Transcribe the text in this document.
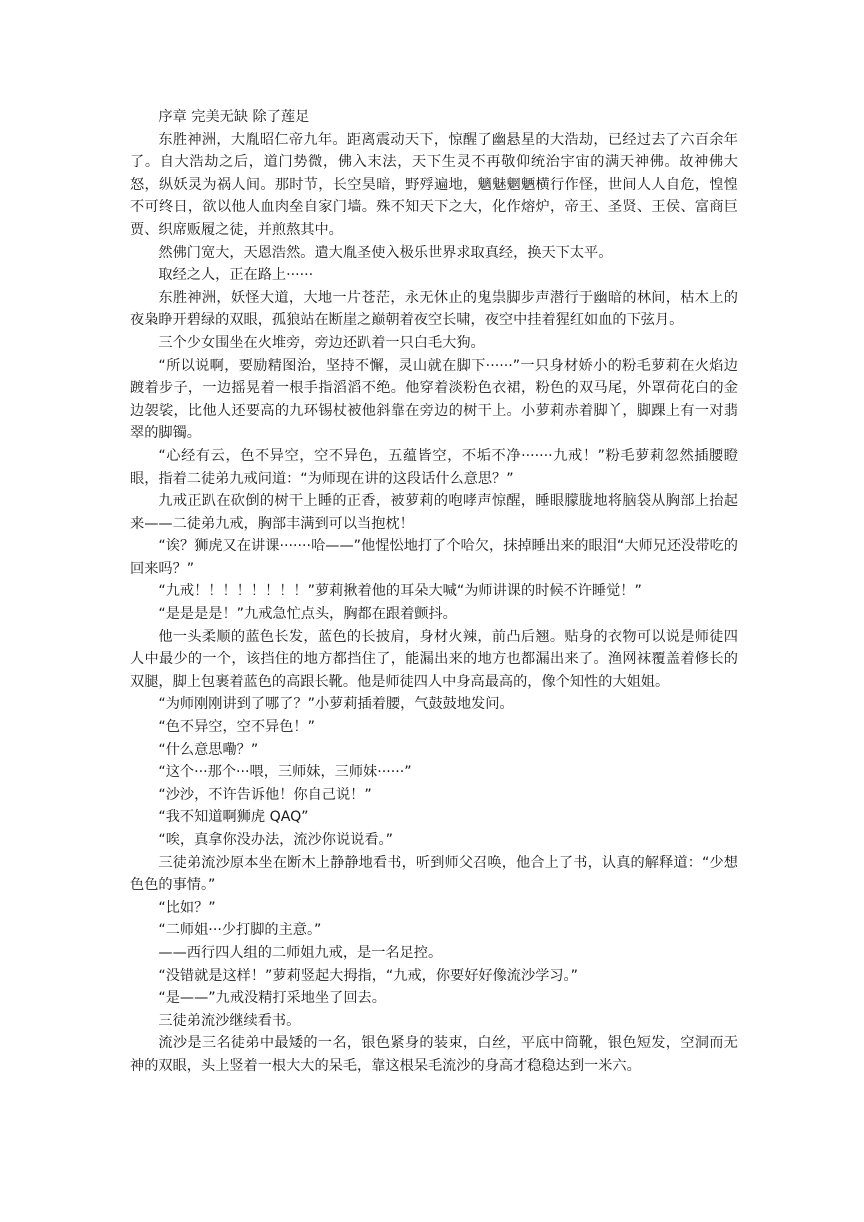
序章 完美无缺 除了莲足

东胜神洲，大胤昭仁帝九年。距离震动天下，惊醒了幽悬星的大浩劫，已经过去了六百余年了。自大浩劫之后，道门势微，佛入末法，天下生灵不再敬仰统治宇宙的满天神佛。故神佛大怒，纵妖灵为祸人间。那时节，长空昊暗，野殍遍地，魑魅魍魉横行作怪，世间人人自危，惶惶不可终日，欲以他人血肉垒自家门墙。殊不知天下之大，化作熔炉，帝王、圣贤、王侯、富商巨贾、织席贩履之徒，并煎熬其中。

然佛门宽大，天恩浩然。遣大胤圣使入极乐世界求取真经，换天下太平。

取经之人，正在路上······

东胜神洲，妖怪大道，大地一片苍茫，永无休止的鬼祟脚步声潜行于幽暗的林间，枯木上的夜枭睁开碧绿的双眼，孤狼站在断崖之巅朝着夜空长啸，夜空中挂着猩红如血的下弦月。

三个少女围坐在火堆旁，旁边还趴着一只白毛大狗。

“所以说啊，要励精图治，坚持不懈，灵山就在脚下······”一只身材娇小的粉毛萝莉在火焰边踱着步子，一边摇晃着一根手指滔滔不绝。他穿着淡粉色衣裙，粉色的双马尾，外罩荷花白的金边袈裟，比他人还要高的九环锡杖被他斜靠在旁边的树干上。小萝莉赤着脚丫，脚踝上有一对翡翠的脚镯。

“心经有云，色不异空，空不异色，五蕴皆空，不垢不净·······九戒！”粉毛萝莉忽然插腰瞪眼，指着二徒弟九戒问道：“为师现在讲的这段话什么意思？”

九戒正趴在砍倒的树干上睡的正香，被萝莉的咆哮声惊醒，睡眼朦胧地将脑袋从胸部上抬起来——二徒弟九戒，胸部丰满到可以当抱枕！

“诶？狮虎又在讲课·······哈——”他惺忪地打了个哈欠，抹掉睡出来的眼泪“大师兄还没带吃的回来吗？”

“九戒！！！！！！！！”萝莉揪着他的耳朵大喊“为师讲课的时候不许睡觉！”

“是是是是！”九戒急忙点头，胸都在跟着颤抖。

他一头柔顺的蓝色长发，蓝色的长披肩，身材火辣，前凸后翘。贴身的衣物可以说是师徒四人中最少的一个，该挡住的地方都挡住了，能漏出来的地方也都漏出来了。渔网袜覆盖着修长的双腿，脚上包裹着蓝色的高跟长靴。他是师徒四人中身高最高的，像个知性的大姐姐。

“为师刚刚讲到了哪了？”小萝莉插着腰，气鼓鼓地发问。

“色不异空，空不异色！”

“什么意思嘞？”

“这个···那个···喂，三师妹，三师妹······”

“沙沙，不许告诉他！你自己说！”

“我不知道啊狮虎 QAQ”

“唉，真拿你没办法，流沙你说说看。”

三徒弟流沙原本坐在断木上静静地看书，听到师父召唤，他合上了书，认真的解释道：“少想色色的事情。”

“比如？”

“二师姐···少打脚的主意。”

——西行四人组的二师姐九戒，是一名足控。

“没错就是这样！”萝莉竖起大拇指，“九戒，你要好好像流沙学习。”

“是——”九戒没精打采地坐了回去。

三徒弟流沙继续看书。

流沙是三名徒弟中最矮的一名，银色紧身的装束，白丝，平底中筒靴，银色短发，空洞而无神的双眼，头上竖着一根大大的呆毛，靠这根呆毛流沙的身高才稳稳达到一米六。
